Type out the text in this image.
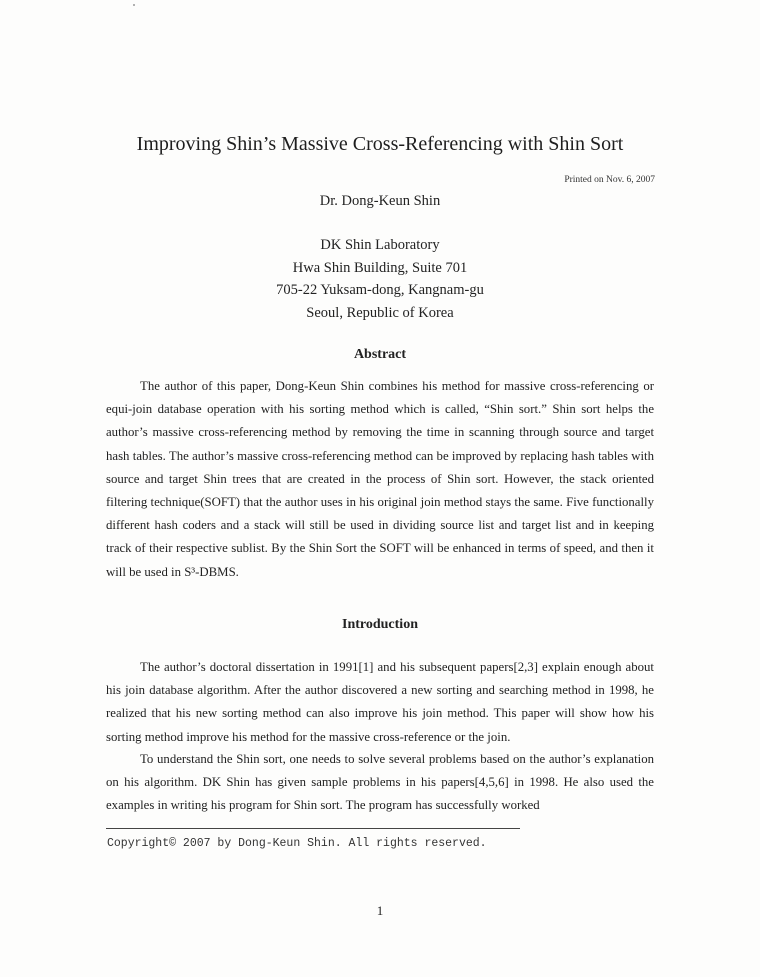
Improving Shin’s Massive Cross-Referencing with Shin Sort
Printed on Nov. 6, 2007
Dr. Dong-Keun Shin
DK Shin Laboratory
Hwa Shin Building, Suite 701
705-22 Yuksam-dong, Kangnam-gu
Seoul, Republic of Korea
Abstract

The author of this paper, Dong-Keun Shin combines his method for massive cross-referencing or equi-join database operation with his sorting method which is called, “Shin sort.” Shin sort helps the author’s massive cross-referencing method by removing the time in scanning through source and target hash tables. The author’s massive cross-referencing method can be improved by replacing hash tables with source and target Shin trees that are created in the process of Shin sort. However, the stack oriented filtering technique(SOFT) that the author uses in his original join method stays the same. Five functionally different hash coders and a stack will still be used in dividing source list and target list and in keeping track of their respective sublist. By the Shin Sort the SOFT will be enhanced in terms of speed, and then it will be used in S³-DBMS.

Introduction

The author’s doctoral dissertation in 1991[1] and his subsequent papers[2,3] explain enough about his join database algorithm. After the author discovered a new sorting and searching method in 1998, he realized that his new sorting method can also improve his join method. This paper will show how his sorting method improve his method for the massive cross-reference or the join.

To understand the Shin sort, one needs to solve several problems based on the author’s explanation on his algorithm. DK Shin has given sample problems in his papers[4,5,6] in 1998. He also used the examples in writing his program for Shin sort. The program has successfully worked

Copyright© 2007 by Dong-Keun Shin. All rights reserved.
1
